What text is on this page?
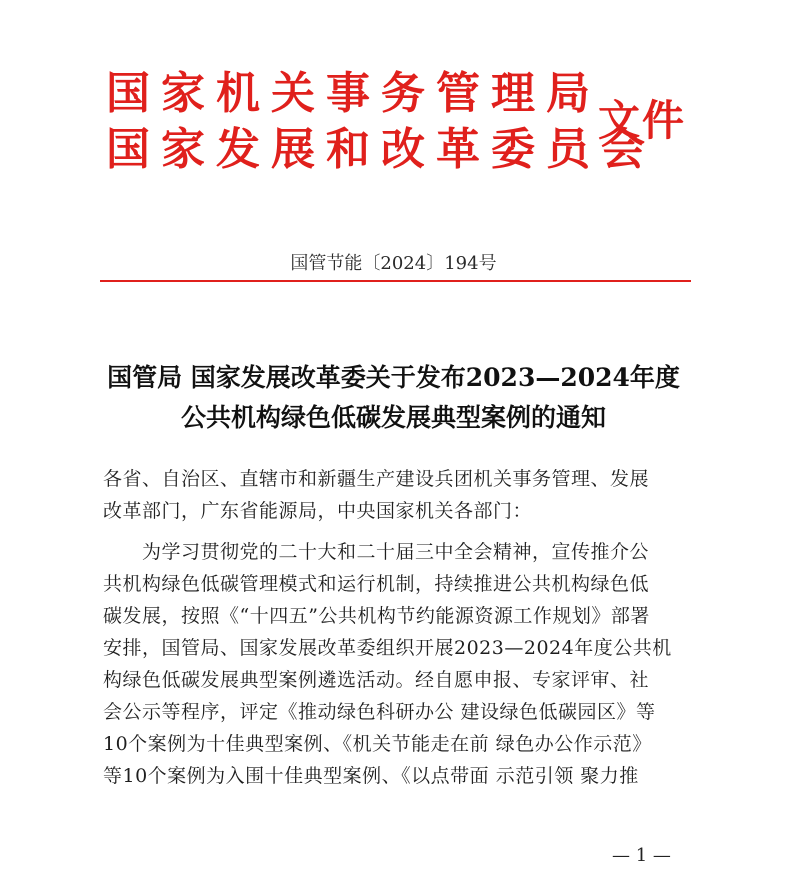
国家机关事务管理局
国家发展和改革委员会
文件
国管节能〔2024〕194号
国管局 国家发展改革委关于发布2023—2024年度
公共机构绿色低碳发展典型案例的通知
各省、自治区、直辖市和新疆生产建设兵团机关事务管理、发展
改革部门，广东省能源局，中央国家机关各部门：
　　为学习贯彻党的二十大和二十届三中全会精神，宣传推介公
共机构绿色低碳管理模式和运行机制，持续推进公共机构绿色低
碳发展，按照《“十四五”公共机构节约能源资源工作规划》部署
安排，国管局、国家发展改革委组织开展2023—2024年度公共机
构绿色低碳发展典型案例遴选活动。经自愿申报、专家评审、社
会公示等程序，评定《推动绿色科研办公 建设绿色低碳园区》等
10个案例为十佳典型案例、《机关节能走在前 绿色办公作示范》
等10个案例为入围十佳典型案例、《以点带面 示范引领 聚力推
— 1 —
